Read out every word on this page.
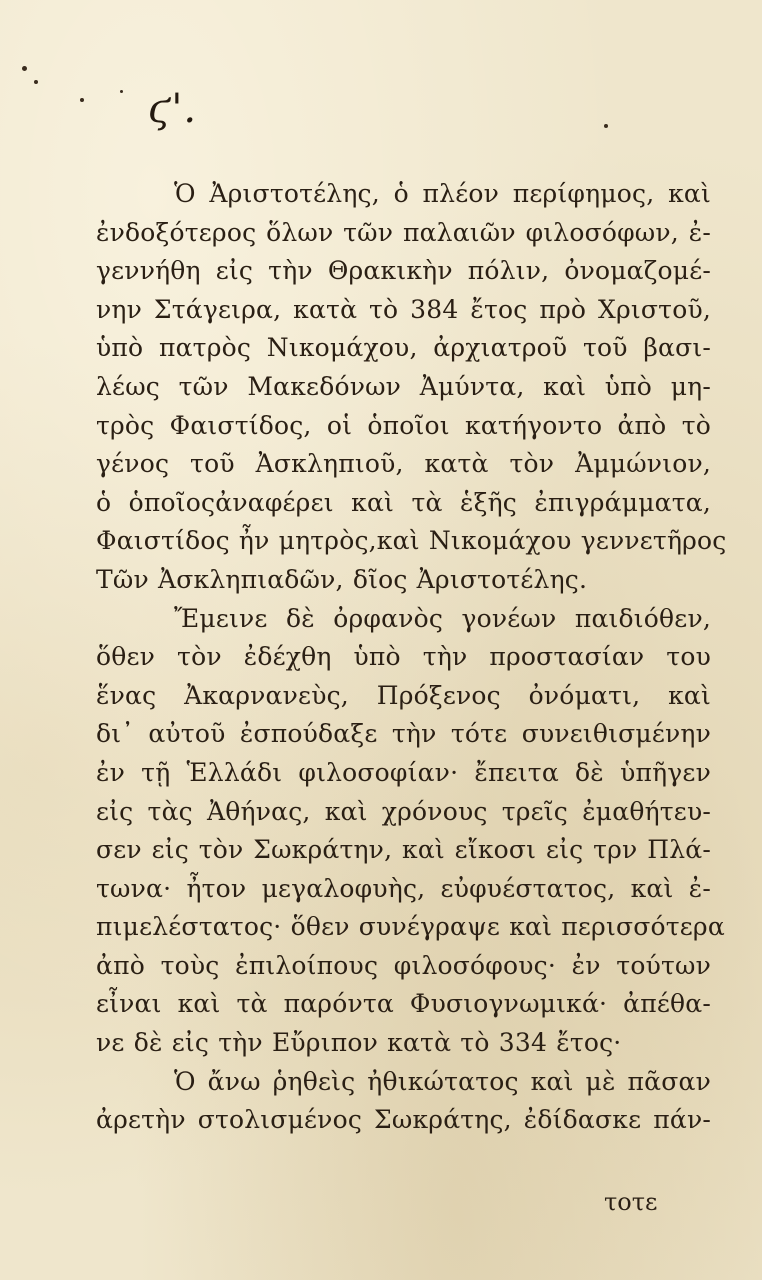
ϛ'.
Ὁ Ἀριστοτέλης, ὁ πλέον περίφημος, καὶ
ἐνδοξότερος ὅλων τῶν παλαιῶν φιλοσόφων, ἐ-
γεννήθη εἰς τὴν Θρακικὴν πόλιν, ὀνομαζομέ-
νην Στάγειρα, κατὰ τὸ 384 ἔτος πρὸ Χριστοῦ,
ὑπὸ πατρὸς Νικομάχου, ἀρχιατροῦ τοῦ βασι-
λέως τῶν Μακεδόνων Ἀμύντα, καὶ ὑπὸ μη-
τρὸς Φαιστίδος, οἱ ὁποῖοι κατήγοντο ἀπὸ τὸ
γένος τοῦ Ἀσκληπιοῦ, κατὰ τὸν Ἀμμώνιον,
ὁ ὁποῖοςἀναφέρει καὶ τὰ ἑξῆς ἐπιγράμματα,
Φαιστίδος ἦν μητρὸς,καὶ Νικομάχου γεννετῆρος
Τῶν Ἀσκληπιαδῶν, δῖος Ἀριστοτέλης.
Ἔμεινε δὲ ὀρφανὸς γονέων παιδιόθεν,
ὅθεν τὸν ἐδέχθη ὑπὸ τὴν προστασίαν του
ἕνας Ἀκαρνανεὺς, Πρόξενος ὀνόματι, καὶ
δι᾽ αὐτοῦ ἐσπούδαξε τὴν τότε συνειθισμένην
ἐν τῇ Ἑλλάδι φιλοσοφίαν· ἔπειτα δὲ ὑπῆγεν
εἰς τὰς Ἀθήνας, καὶ χρόνους τρεῖς ἐμαθήτευ-
σεν εἰς τὸν Σωκράτην, καὶ εἴκοσι εἰς τρν Πλά-
τωνα· ἦτον μεγαλοφυὴς, εὐφυέστατος, καὶ ἐ-
πιμελέστατος· ὅθεν συνέγραψε καὶ περισσότερα
ἀπὸ τοὺς ἐπιλοίπους φιλοσόφους· ἐν τούτων
εἶναι καὶ τὰ παρόντα Φυσιογνωμικά· ἀπέθα-
νε δὲ εἰς τὴν Εὔριπον κατὰ τὸ 334 ἔτος·
Ὁ ἄνω ῥηθεὶς ἠθικώτατος καὶ μὲ πᾶσαν
ἀρετὴν στολισμένος Σωκράτης, ἐδίδασκε πάν-
τοτε
